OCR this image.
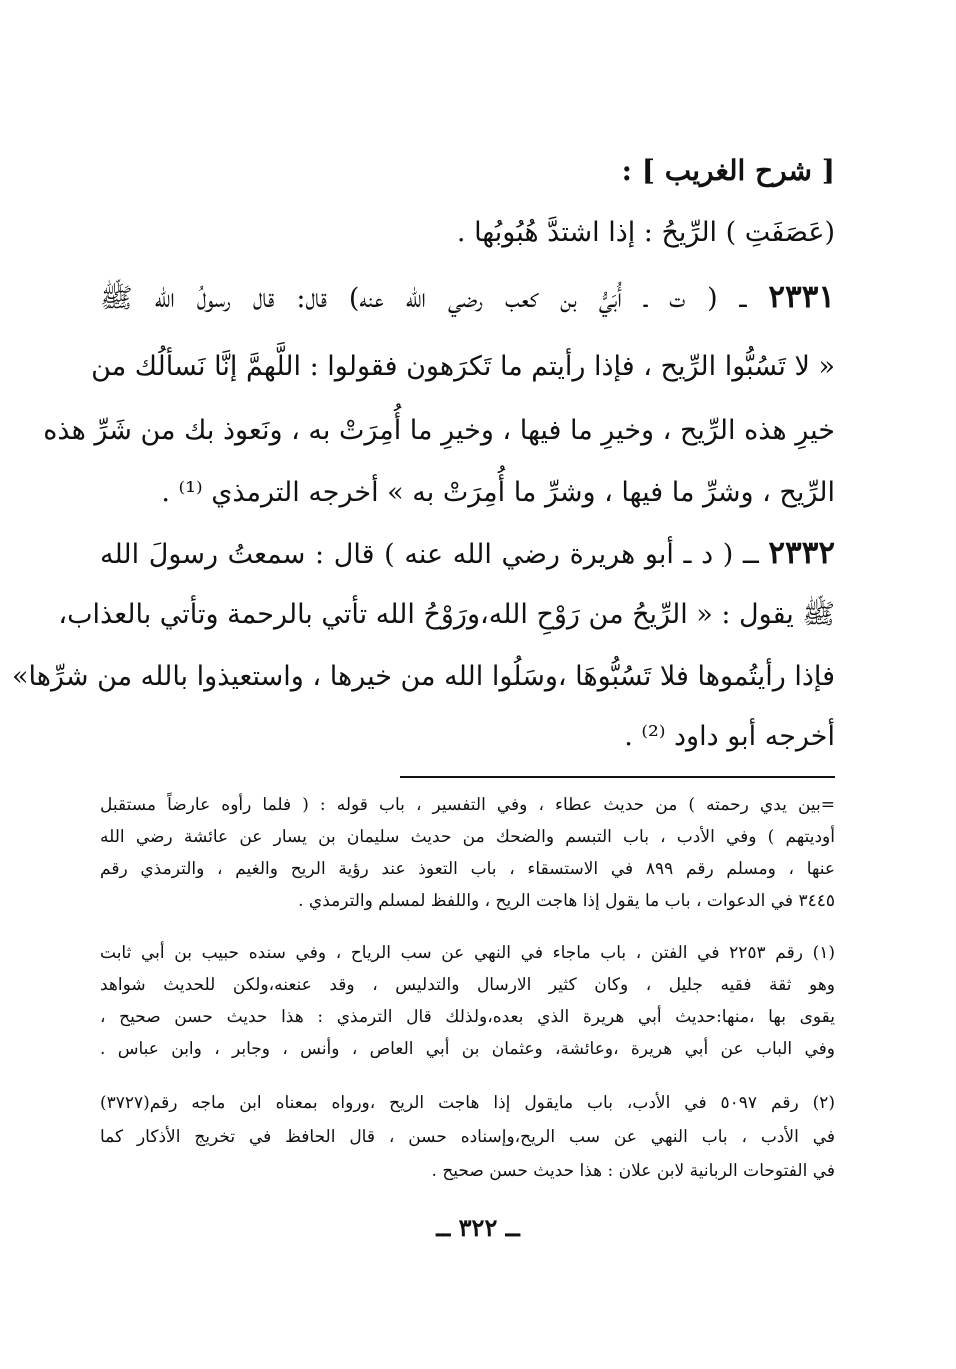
[ شرح الغريب ] :
(عَصَفَتِ ) الرِّيحُ : إذا اشتدَّ هُبُوبُها .
٢٣٣١ ــ ( ت ـ أُبَيُّ بن كعب رضي الله عنه) قال: قال رسولُ الله ﷺ
« لا تَسُبُّوا الرِّيح ، فإذا رأيتم ما تَكرَهون فقولوا : اللَّهمَّ إنَّا نَسألُك من
خيرِ هذه الرِّيح ، وخيرِ ما فيها ، وخيرِ ما أُمِرَتْ به ، ونَعوذ بك من شَرِّ هذه
الرِّيح ، وشرِّ ما فيها ، وشرِّ ما أُمِرَتْ به » أخرجه الترمذي ⁽¹⁾ .
٢٣٣٢ ــ ( د ـ أبو هريرة رضي الله عنه ) قال : سمعتُ رسولَ الله
ﷺ يقول : « الرِّيحُ من رَوْحِ الله،ورَوْحُ الله تأتي بالرحمة وتأتي بالعذاب،
فإذا رأيتُموها فلا تَسُبُّوهَا ،وسَلُوا الله من خيرها ، واستعيذوا بالله من شرِّها»
أخرجه أبو داود ⁽²⁾ .
=بين يدي رحمته ) من حديث عطاء ، وفي التفسير ، باب قوله : ( فلما رأوه عارضاً مستقبل
أوديتهم ) وفي الأدب ، باب التبسم والضحك من حديث سليمان بن يسار عن عائشة رضي الله
عنها ، ومسلم رقم ٨٩٩ في الاستسقاء ، باب التعوذ عند رؤية الريح والغيم ، والترمذي رقم
٣٤٤٥ في الدعوات ، باب ما يقول إذا هاجت الريح ، واللفظ لمسلم والترمذي .
(١) رقم ٢٢٥٣ في الفتن ، باب ماجاء في النهي عن سب الرياح ، وفي سنده حبيب بن أبي ثابت
وهو ثقة فقيه جليل ، وكان كثير الارسال والتدليس ، وقد عنعنه،ولكن للحديث شواهد
يقوى بها ،منها:حديث أبي هريرة الذي بعده،ولذلك قال الترمذي : هذا حديث حسن صحيح ،
وفي الباب عن أبي هريرة ،وعائشة، وعثمان بن أبي العاص ، وأنس ، وجابر ، وابن عباس .
(٢) رقم ٥٠٩٧ في الأدب، باب مايقول إذا هاجت الريح ،ورواه بمعناه ابن ماجه رقم(٣٧٢٧)
في الأدب ، باب النهي عن سب الريح،وإسناده حسن ، قال الحافظ في تخريج الأذكار كما
في الفتوحات الربانية لابن علان : هذا حديث حسن صحيح .
ــ ٣٢٢ ــ
